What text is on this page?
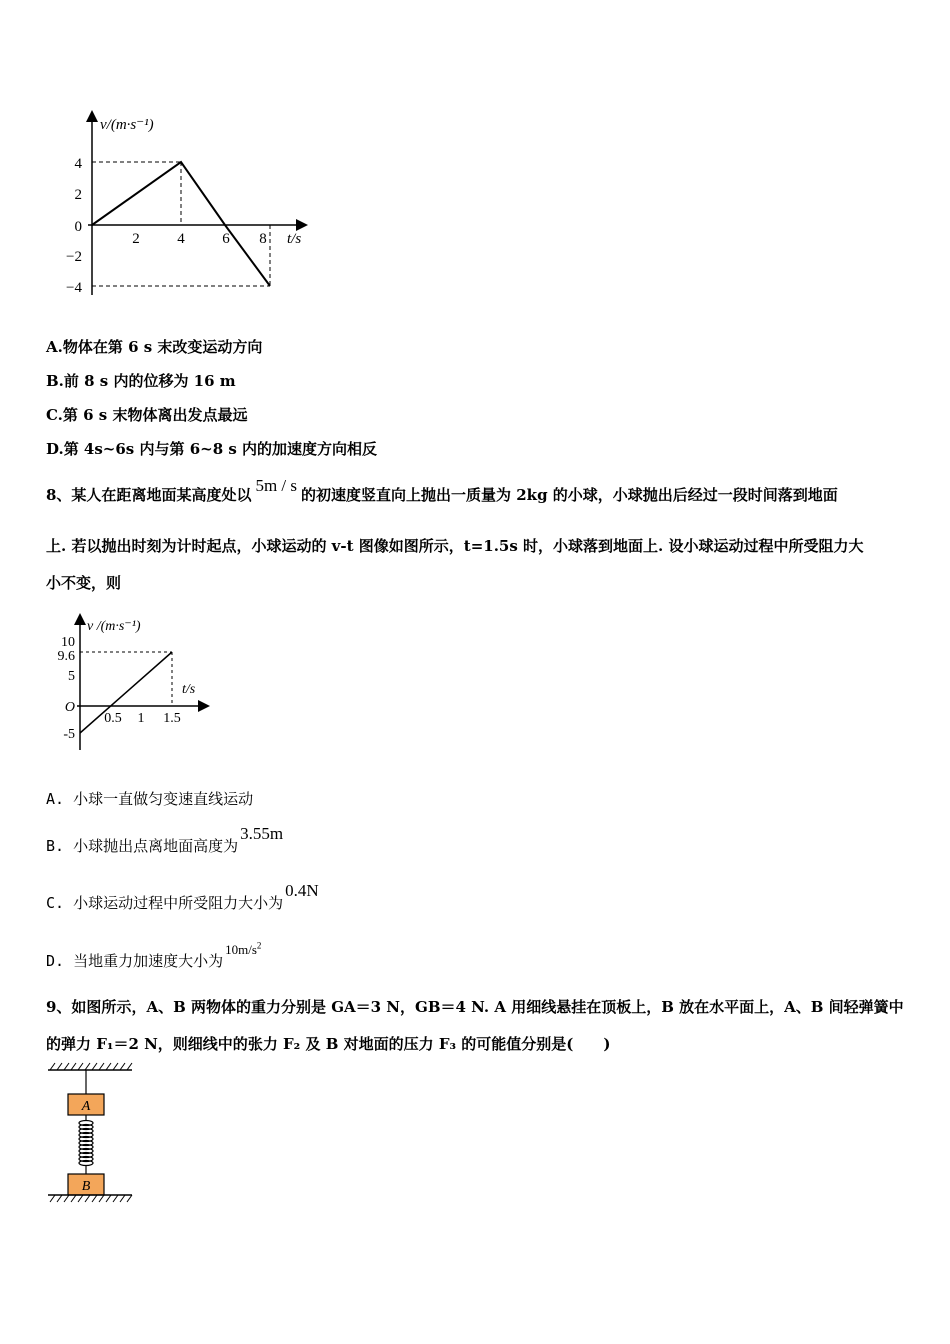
v/(m·s⁻¹)
4
2
0
−2
−4
2	4	6 8 t/s
A.物体在第 6 s 末改变运动方向
B.前 8 s 内的位移为 16 m
C.第 6 s 末物体离出发点最远
D.第 4s~6s 内与第 6~8 s 内的加速度方向相反
8、某人在距离地面某高度处以 5m / s 的初速度竖直向上抛出一质量为 2kg 的小球，小球抛出后经过一段时间落到地面
上. 若以抛出时刻为计时起点，小球运动的 v-t 图像如图所示，t=1.5s 时，小球落到地面上. 设小球运动过程中所受阻力大
小不变，则
v /(m·s⁻¹)
10
9.6
5
O
-5
0.5 1 1.5
t/s
A. 小球一直做匀变速直线运动
B. 小球抛出点离地面高度为3.55m
C. 小球运动过程中所受阻力大小为0.4N
D. 当地重力加速度大小为$10m/s^2$
9、如图所示，A、B 两物体的重力分别是 GA＝3 N，GB＝4 N. A 用细线悬挂在顶板上，B 放在水平面上，A、B 间轻弹簧中
的弹力 F₁＝2 N，则细线中的张力 F₂ 及 B 对地面的压力 F₃ 的可能值分别是(　　)
A
B
